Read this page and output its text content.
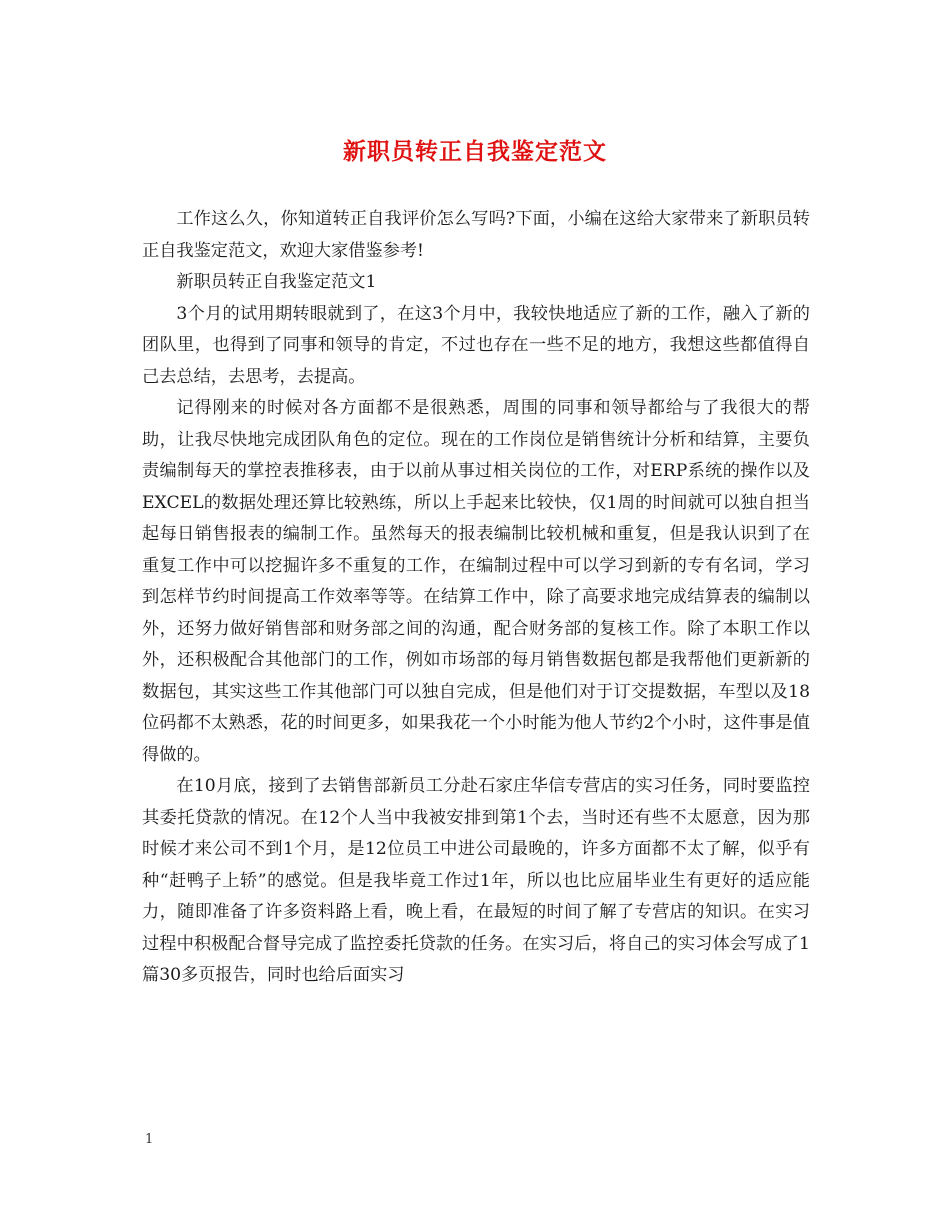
新职员转正自我鉴定范文

工作这么久，你知道转正自我评价怎么写吗?下面，小编在这给大家带来了新职员转正自我鉴定范文，欢迎大家借鉴参考!

新职员转正自我鉴定范文1

3个月的试用期转眼就到了，在这3个月中，我较快地适应了新的工作，融入了新的团队里，也得到了同事和领导的肯定，不过也存在一些不足的地方，我想这些都值得自己去总结，去思考，去提高。

记得刚来的时候对各方面都不是很熟悉，周围的同事和领导都给与了我很大的帮助，让我尽快地完成团队角色的定位。现在的工作岗位是销售统计分析和结算，主要负责编制每天的掌控表推移表，由于以前从事过相关岗位的工作，对ERP系统的操作以及EXCEL的数据处理还算比较熟练，所以上手起来比较快，仅1周的时间就可以独自担当起每日销售报表的编制工作。虽然每天的报表编制比较机械和重复，但是我认识到了在重复工作中可以挖掘许多不重复的工作，在编制过程中可以学习到新的专有名词，学习到怎样节约时间提高工作效率等等。在结算工作中，除了高要求地完成结算表的编制以外，还努力做好销售部和财务部之间的沟通，配合财务部的复核工作。除了本职工作以外，还积极配合其他部门的工作，例如市场部的每月销售数据包都是我帮他们更新新的数据包，其实这些工作其他部门可以独自完成，但是他们对于订交提数据，车型以及18位码都不太熟悉，花的时间更多，如果我花一个小时能为他人节约2个小时，这件事是值得做的。

在10月底，接到了去销售部新员工分赴石家庄华信专营店的实习任务，同时要监控其委托贷款的情况。在12个人当中我被安排到第1个去，当时还有些不太愿意，因为那时候才来公司不到1个月，是12位员工中进公司最晚的，许多方面都不太了解，似乎有种“赶鸭子上轿”的感觉。但是我毕竟工作过1年，所以也比应届毕业生有更好的适应能力，随即准备了许多资料路上看，晚上看，在最短的时间了解了专营店的知识。在实习过程中积极配合督导完成了监控委托贷款的任务。在实习后，将自己的实习体会写成了1篇30多页报告，同时也给后面实习

1
